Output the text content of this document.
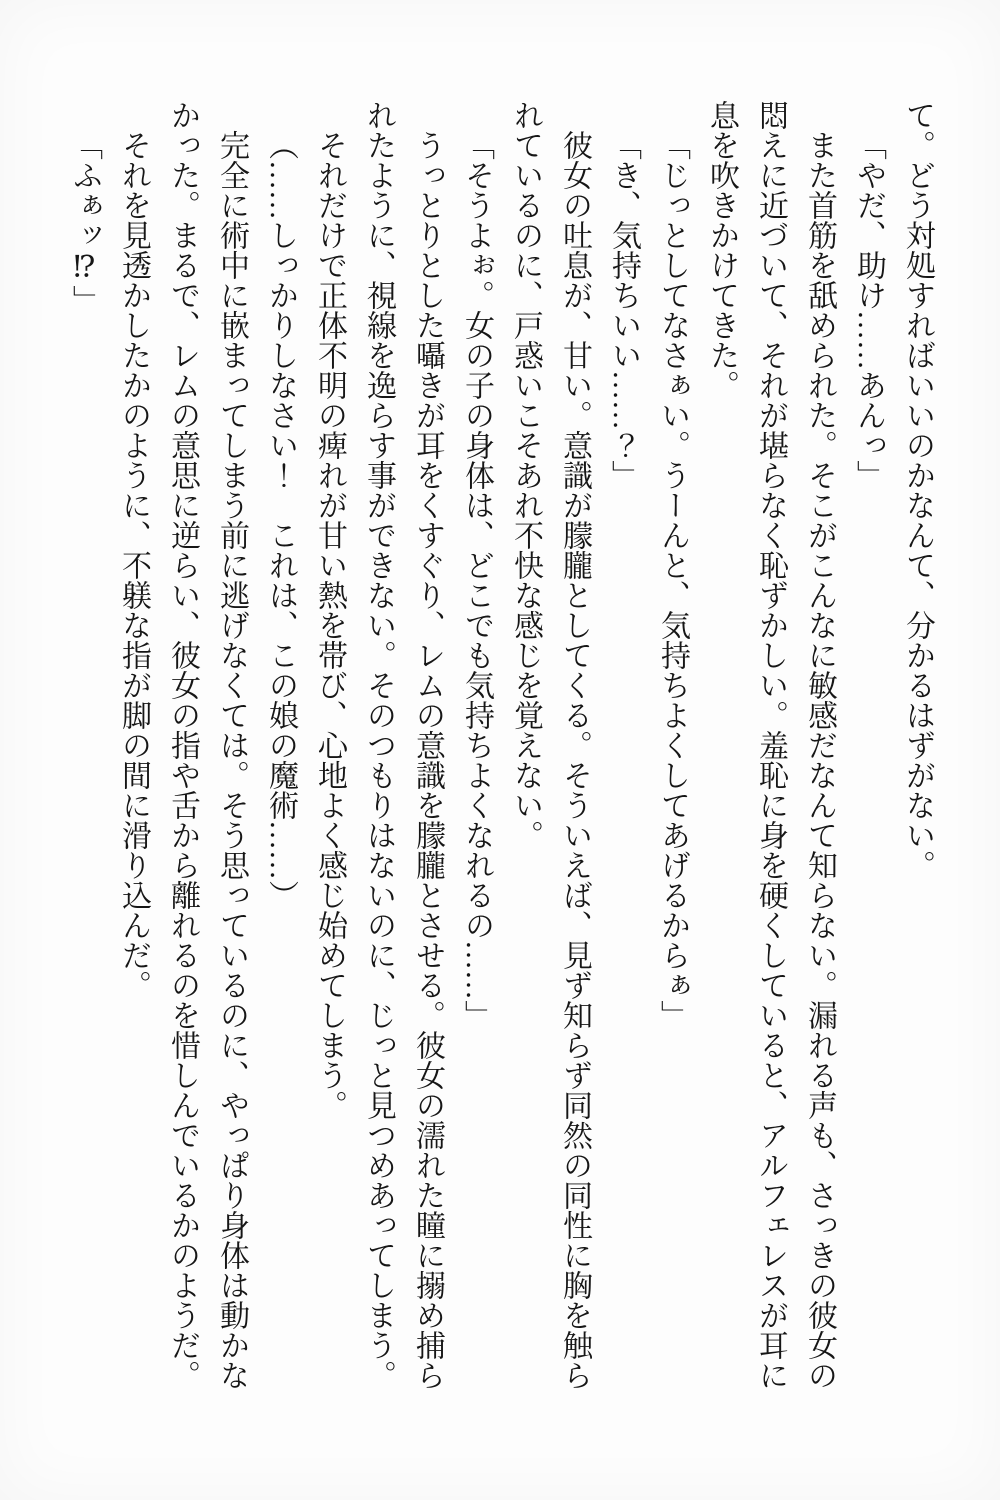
て。どう対処すればいいのかなんて、分かるはずがない。

「やだ、助け……あんっ」

また首筋を舐められた。そこがこんなに敏感だなんて知らない。漏れる声も、さっきの彼女の悶えに近づいて、それが堪らなく恥ずかしい。羞恥に身を硬くしていると、アルフェレスが耳に息を吹きかけてきた。

「じっとしてなさぁい。うーんと、気持ちよくしてあげるからぁ」

「き、気持ちいい……？」

彼女の吐息が、甘い。意識が朦朧としてくる。そういえば、見ず知らず同然の同性に胸を触られているのに、戸惑いこそあれ不快な感じを覚えない。

「そうよぉ。女の子の身体は、どこでも気持ちよくなれるの……」

うっとりとした囁きが耳をくすぐり、レムの意識を朦朧とさせる。彼女の濡れた瞳に搦め捕られたように、視線を逸らす事ができない。そのつもりはないのに、じっと見つめあってしまう。

それだけで正体不明の痺れが甘い熱を帯び、心地よく感じ始めてしまう。

（……しっかりしなさい！　これは、この娘の魔術……）

完全に術中に嵌まってしまう前に逃げなくては。そう思っているのに、やっぱり身体は動かなかった。まるで、レムの意思に逆らい、彼女の指や舌から離れるのを惜しんでいるかのようだ。

それを見透かしたかのように、不躾な指が脚の間に滑り込んだ。

「ふぁッ⁉」
